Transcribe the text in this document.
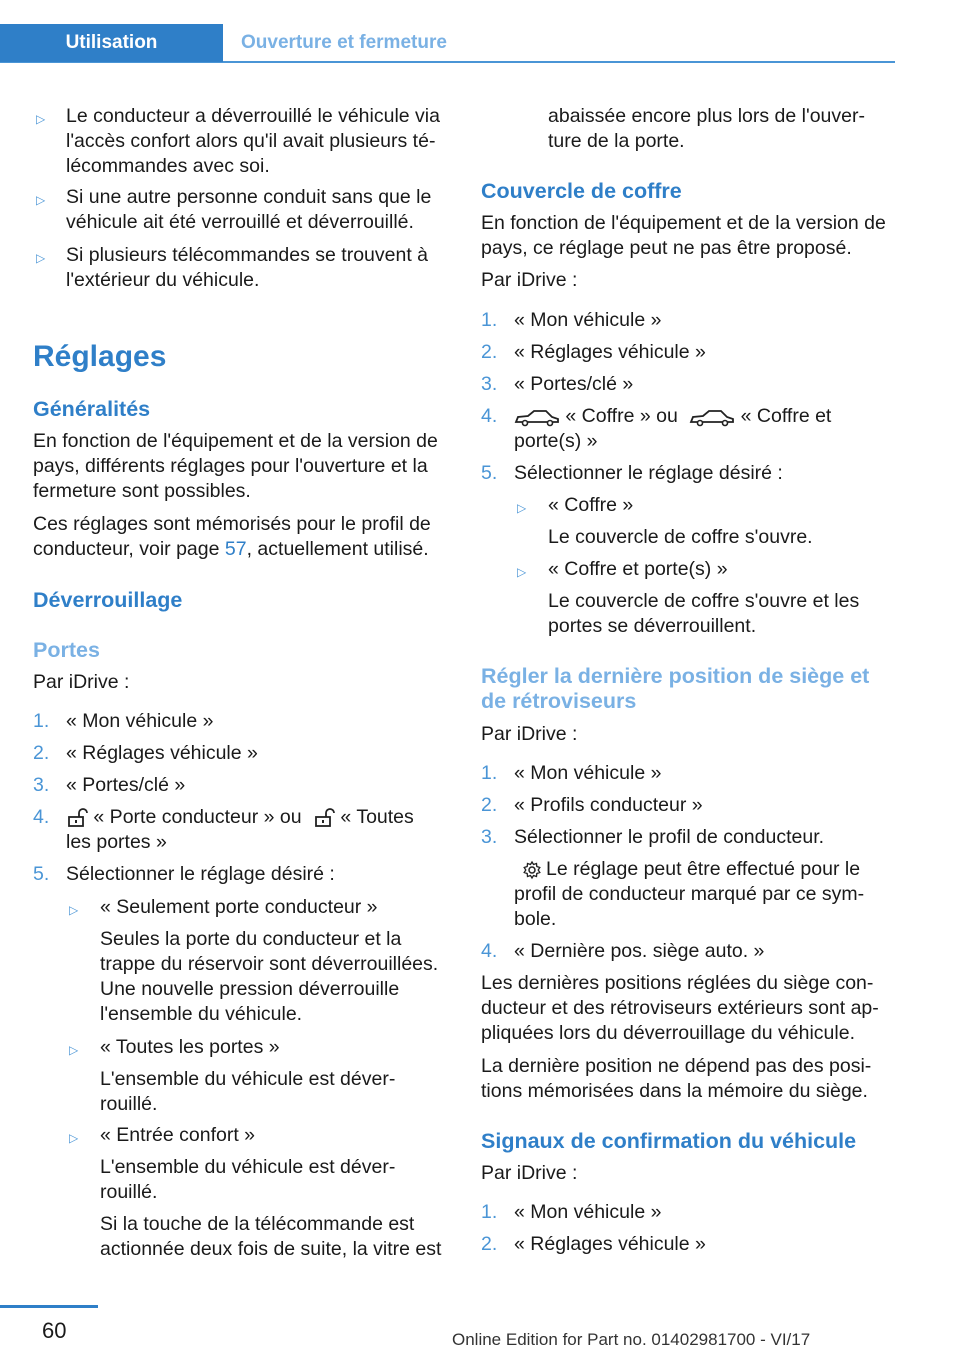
Utilisation	Ouverture et fermeture
▷ Le conducteur a déverrouillé le véhicule via
l'accès confort alors qu'il avait plusieurs té‐
lécommandes avec soi.
▷ Si une autre personne conduit sans que le
véhicule ait été verrouillé et déverrouillé.
▷ Si plusieurs télécommandes se trouvent à
l'extérieur du véhicule.
Réglages
Généralités
En fonction de l'équipement et de la version de
pays, différents réglages pour l'ouverture et la
fermeture sont possibles.
Ces réglages sont mémorisés pour le profil de
conducteur, voir page 57, actuellement utilisé.
Déverrouillage
Portes
Par iDrive :
1. « Mon véhicule »
2. « Réglages véhicule »
3. « Portes/clé »
4.	« Porte conducteur » ou « Toutes
les portes »
5. Sélectionner le réglage désiré :
▷ « Seulement porte conducteur »
Seules la porte du conducteur et la
trappe du réservoir sont déverrouillées.
Une nouvelle pression déverrouille
l'ensemble du véhicule.
▷ « Toutes les portes »
L'ensemble du véhicule est déver‐
rouillé.
▷ « Entrée confort »
L'ensemble du véhicule est déver‐
rouillé.
Si la touche de la télécommande est
actionnée deux fois de suite, la vitre est
abaissée encore plus lors de l'ouver‐
ture de la porte.
Couvercle de coffre
En fonction de l'équipement et de la version de
pays, ce réglage peut ne pas être proposé.
Par iDrive :
1. « Mon véhicule »
2. « Réglages véhicule »
3. « Portes/clé »
4.	« Coffre » ou	« Coffre et
porte(s) »
5. Sélectionner le réglage désiré :
▷ « Coffre »
Le couvercle de coffre s'ouvre.
▷ « Coffre et porte(s) »
Le couvercle de coffre s'ouvre et les
portes se déverrouillent.
Régler la dernière position de siège et
de rétroviseurs
Par iDrive :
1. « Mon véhicule »
2. « Profils conducteur »
3. Sélectionner le profil de conducteur.
Le réglage peut être effectué pour le
profil de conducteur marqué par ce sym‐
bole.
4. « Dernière pos. siège auto. »
Les dernières positions réglées du siège con‐
ducteur et des rétroviseurs extérieurs sont ap‐
pliquées lors du déverrouillage du véhicule.
La dernière position ne dépend pas des posi‐
tions mémorisées dans la mémoire du siège.
Signaux de confirmation du véhicule
Par iDrive :
1. « Mon véhicule »
2. « Réglages véhicule »
60	Online Edition for Part no. 01402981700 - VI/17
